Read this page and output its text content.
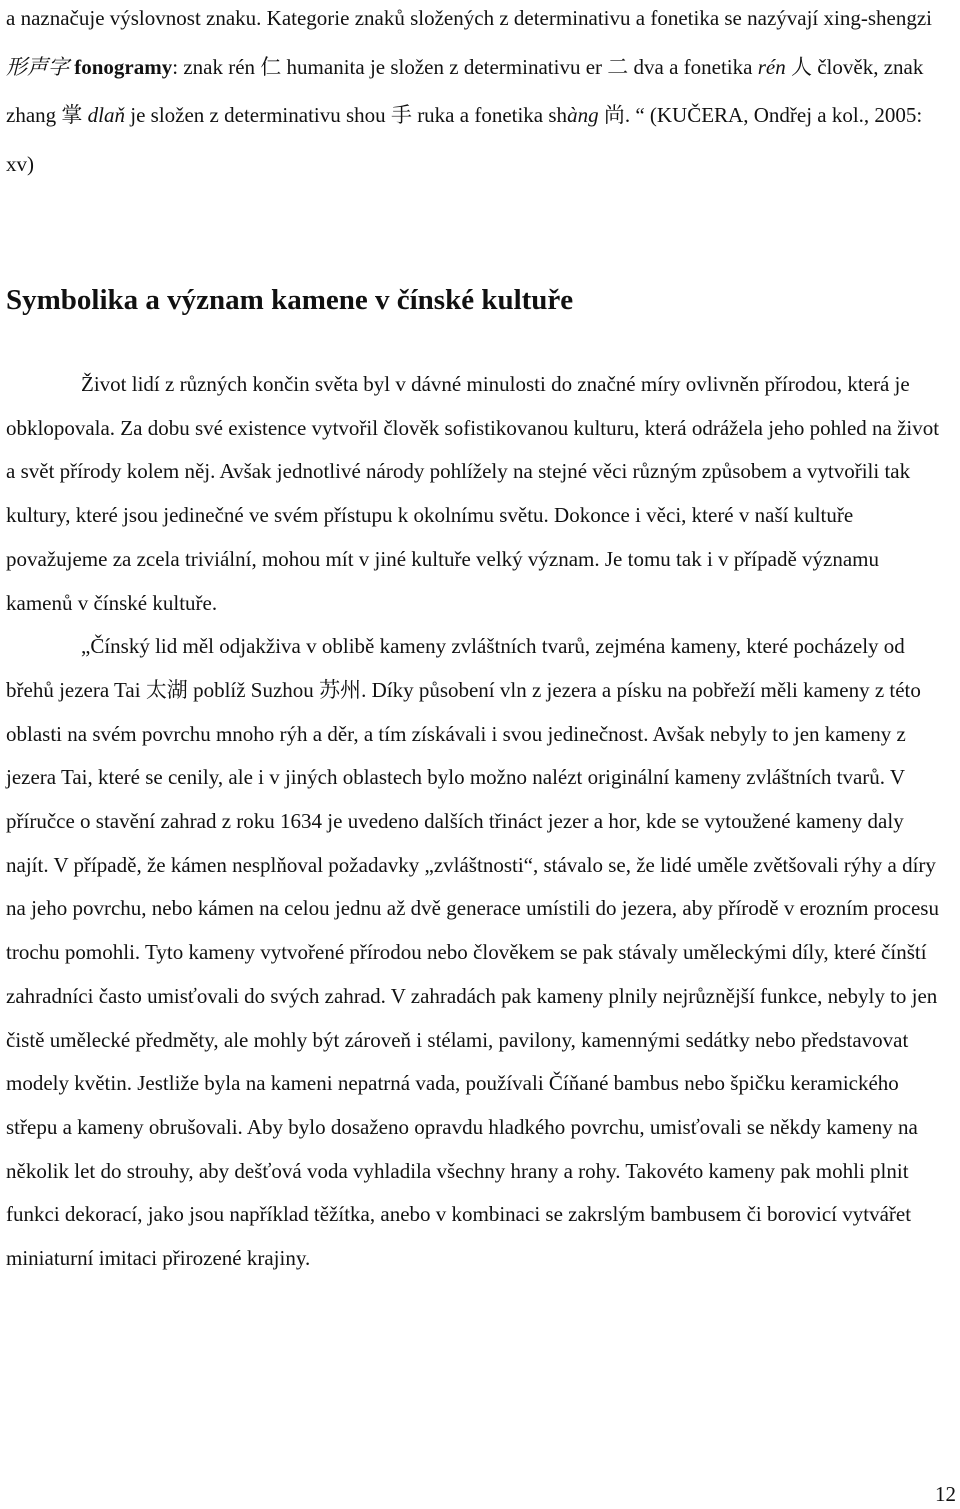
a naznačuje výslovnost znaku. Kategorie znaků složených z determinativu a fonetika se nazývají xing-shengzi 形声字 fonogramy: znak rén 仁 humanita je složen z determinativu er 二 dva a fonetika rén 人 člověk, znak zhang 掌 dlaň je složen z determinativu shou 手 ruka a fonetika shàng 尚. “ (KUČERA, Ondřej a kol., 2005: xv)

Symbolika a význam kamene v čínské kultuře
Život lidí z různých končin světa byl v dávné minulosti do značné míry ovlivněn přírodou, která je obklopovala. Za dobu své existence vytvořil člověk sofistikovanou kulturu, která odrážela jeho pohled na život a svět přírody kolem něj. Avšak jednotlivé národy pohlížely na stejné věci různým způsobem a vytvořili tak kultury, které jsou jedinečné ve svém přístupu k okolnímu světu. Dokonce i věci, které v naší kultuře považujeme za zcela triviální, mohou mít v jiné kultuře velký význam. Je tomu tak i v případě významu kamenů v čínské kultuře.
„Čínský lid měl odjakživa v oblibě kameny zvláštních tvarů, zejména kameny, které pocházely od břehů jezera Tai 太湖 poblíž Suzhou 苏州. Díky působení vln z jezera a písku na pobřeží měli kameny z této oblasti na svém povrchu mnoho rýh a děr, a tím získávali i svou jedinečnost. Avšak nebyly to jen kameny z jezera Tai, které se cenily, ale i v jiných oblastech bylo možno nalézt originální kameny zvláštních tvarů. V příručce o stavění zahrad z roku 1634 je uvedeno dalších třináct jezer a hor, kde se vytoužené kameny daly najít. V případě, že kámen nesplňoval požadavky „zvláštnosti“, stávalo se, že lidé uměle zvětšovali rýhy a díry na jeho povrchu, nebo kámen na celou jednu až dvě generace umístili do jezera, aby přírodě v erozním procesu trochu pomohli. Tyto kameny vytvořené přírodou nebo člověkem se pak stávaly uměleckými díly, které čínští zahradníci často umisťovali do svých zahrad. V zahradách pak kameny plnily nejrůznější funkce, nebyly to jen čistě umělecké předměty, ale mohly být zároveň i stélami, pavilony, kamennými sedátky nebo představovat modely květin. Jestliže byla na kameni nepatrná vada, používali Číňané bambus nebo špičku keramického střepu a kameny obrušovali. Aby bylo dosaženo opravdu hladkého povrchu, umisťovali se někdy kameny na několik let do strouhy, aby dešťová voda vyhladila všechny hrany a rohy. Takovéto kameny pak mohli plnit funkci dekorací, jako jsou například těžítka, anebo v kombinaci se zakrslým bambusem či borovicí vytvářet miniaturní imitaci přirozené krajiny.
12
